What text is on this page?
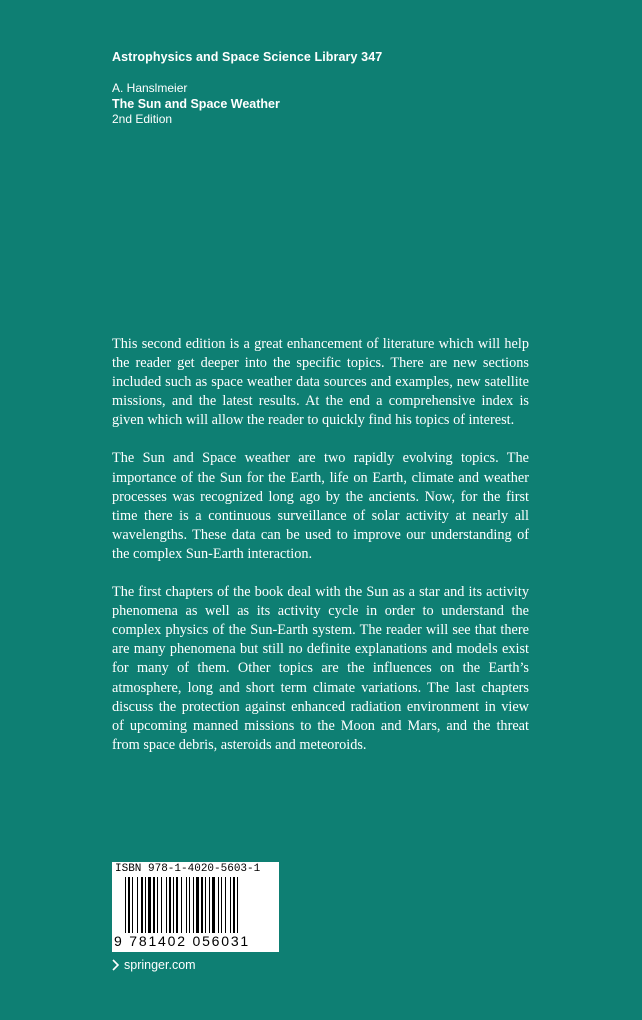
Astrophysics and Space Science Library 347
A. Hanslmeier
The Sun and Space Weather
2nd Edition

This second edition is a great enhancement of literature which will help the reader get deeper into the specific topics. There are new sections included such as space weather data sources and examples, new satellite missions, and the latest results. At the end a comprehensive index is given which will allow the reader to quickly find his topics of interest.

The Sun and Space weather are two rapidly evolving topics. The importance of the Sun for the Earth, life on Earth, climate and weather processes was recognized long ago by the ancients. Now, for the first time there is a continuous surveillance of solar activity at nearly all wavelengths. These data can be used to improve our understanding of the complex Sun-Earth interaction.

The first chapters of the book deal with the Sun as a star and its activity phenomena as well as its activity cycle in order to understand the complex physics of the Sun-Earth system. The reader will see that there are many phenomena but still no definite explanations and models exist for many of them. Other topics are the influences on the Earth’s atmosphere, long and short term climate variations. The last chapters discuss the protection against enhanced radiation environment in view of upcoming manned missions to the Moon and Mars, and the threat from space debris, asteroids and meteoroids.

ISBN 978-1-4020-5603-1
9 781402 056031
springer.com
